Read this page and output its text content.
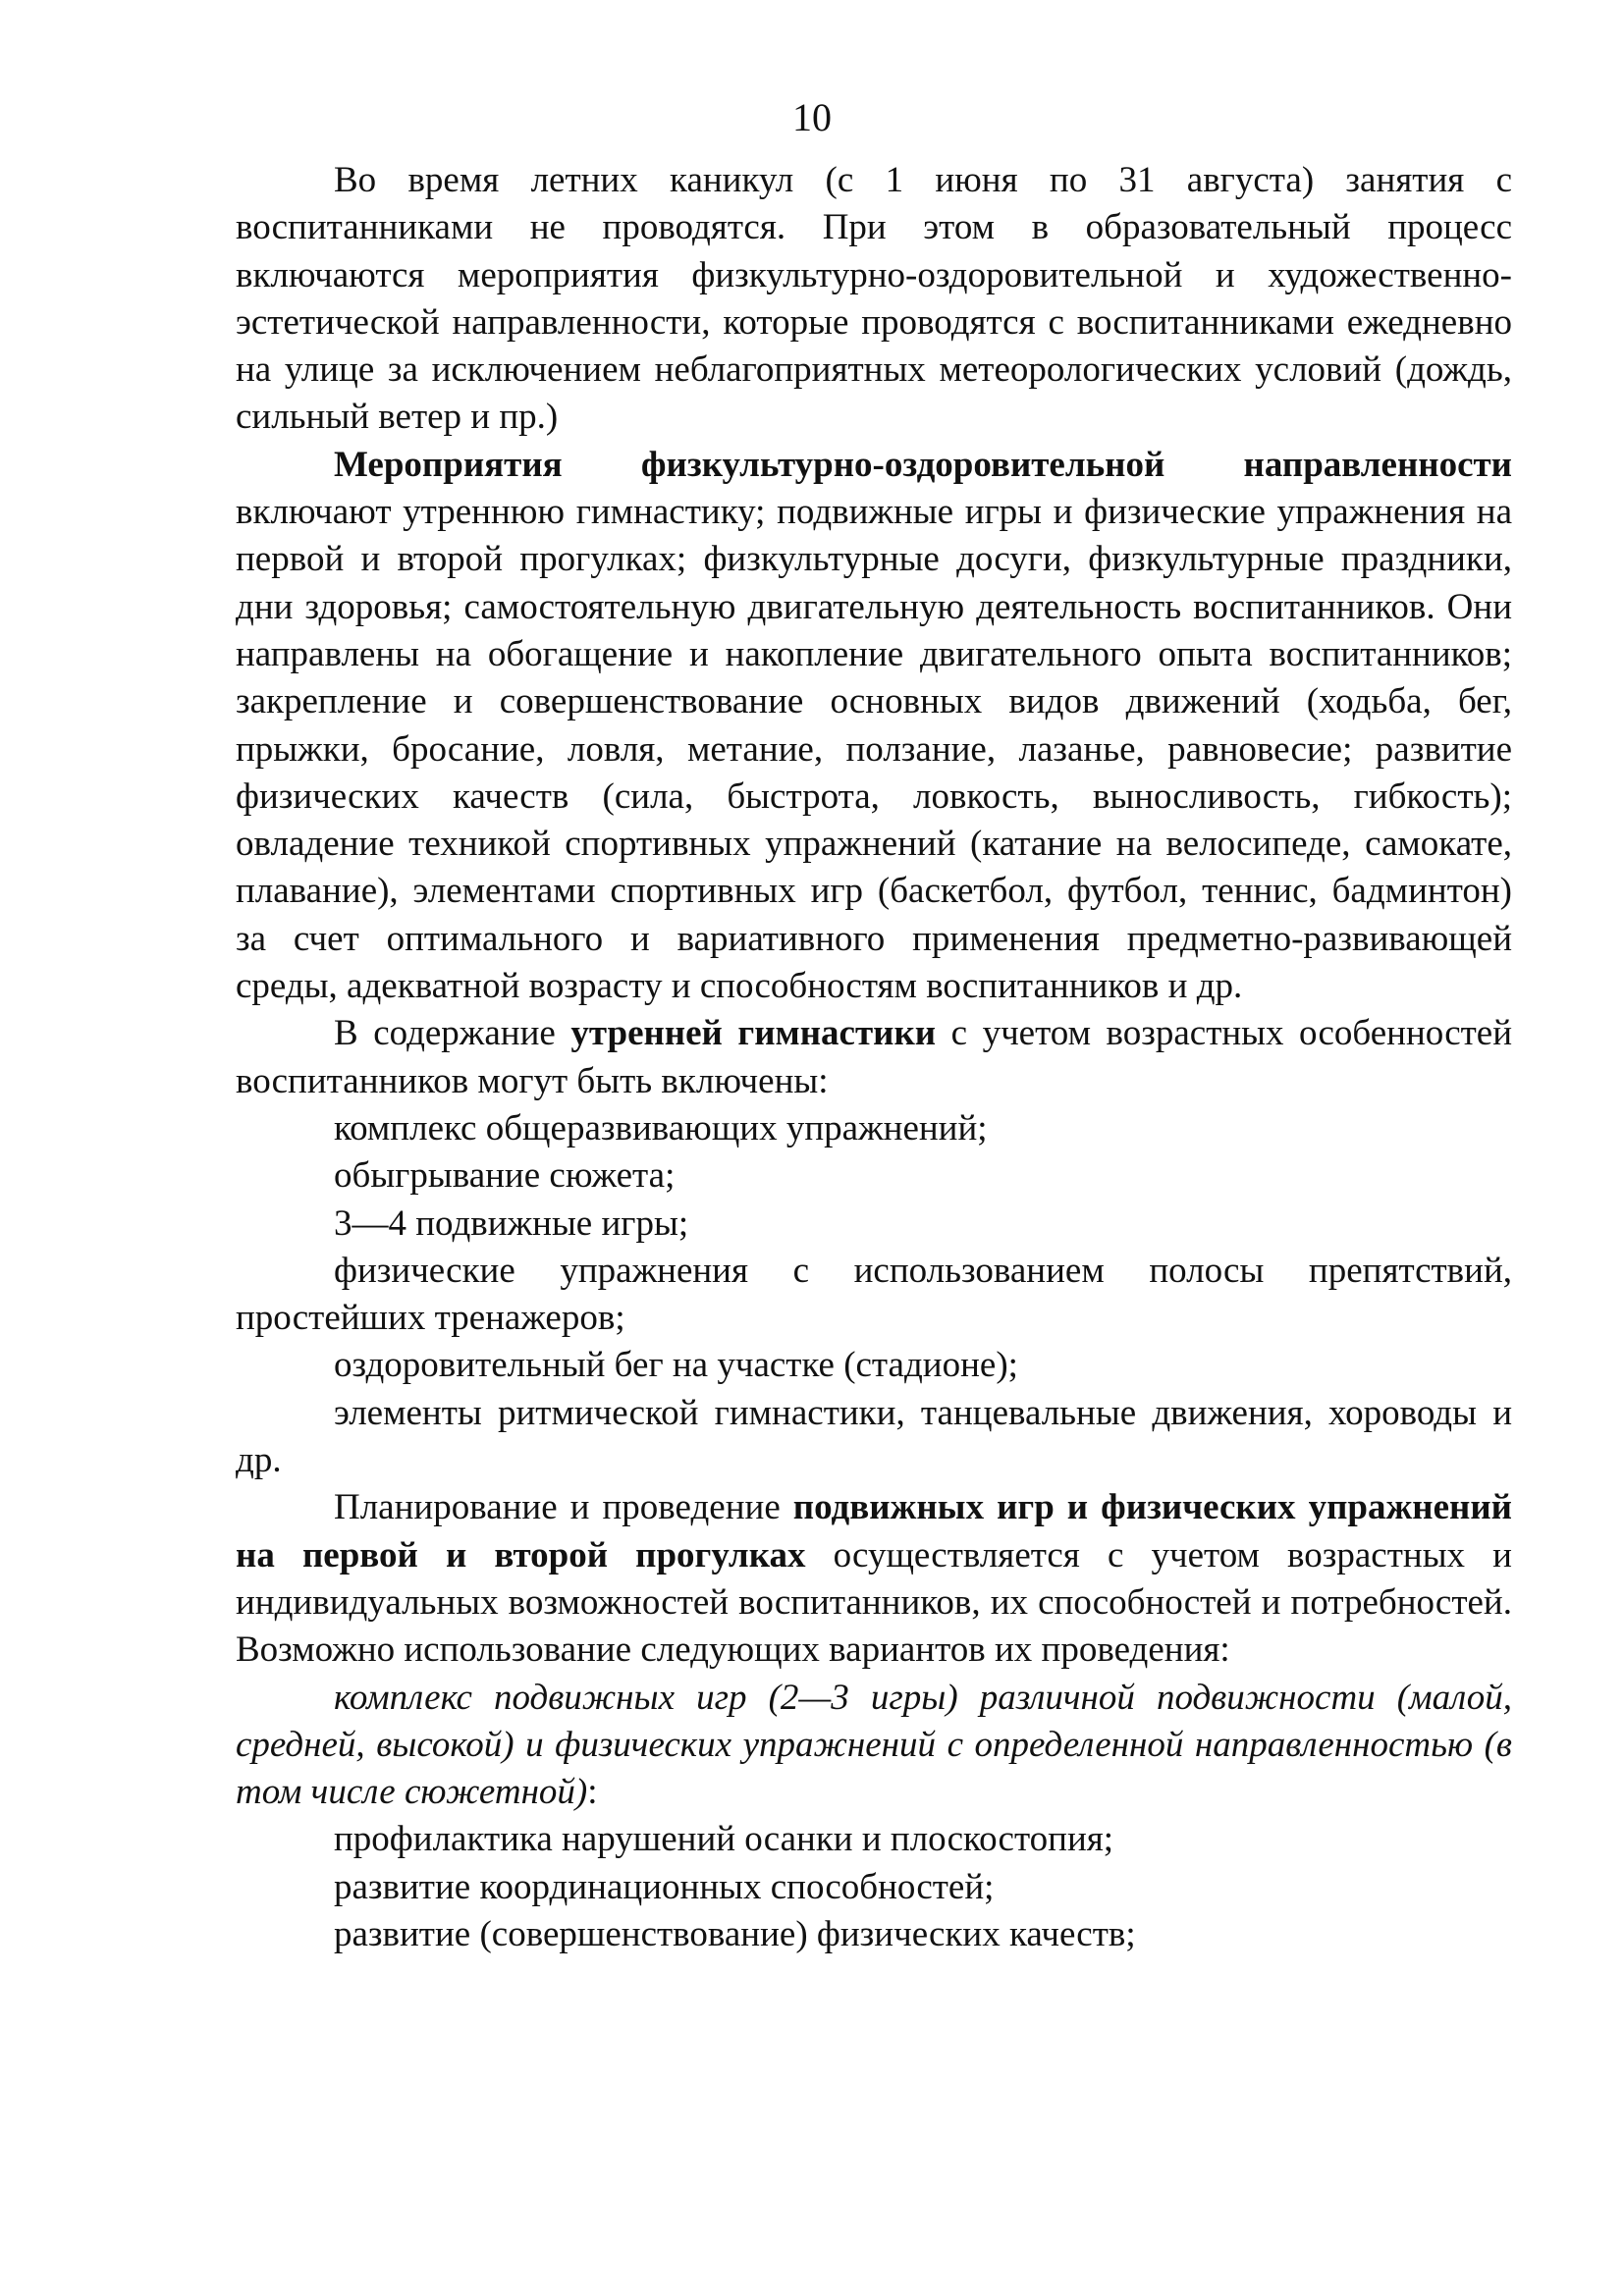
10

Во время летних каникул (с 1 июня по 31 августа) занятия с воспитанниками не проводятся. При этом в образовательный процесс включаются мероприятия физкультурно-оздоровительной и художественно-эстетической направленности, которые проводятся с воспитанниками ежедневно на улице за исключением неблагоприятных метеорологических условий (дождь, сильный ветер и пр.)

Мероприятия физкультурно-оздоровительной направленности включают утреннюю гимнастику; подвижные игры и физические упражнения на первой и второй прогулках; физкультурные досуги, физкультурные праздники, дни здоровья; самостоятельную двигательную деятельность воспитанников. Они направлены на обогащение и накопление двигательного опыта воспитанников; закрепление и совершенствование основных видов движений (ходьба, бег, прыжки, бросание, ловля, метание, ползание, лазанье, равновесие; развитие физических качеств (сила, быстрота, ловкость, выносливость, гибкость); овладение техникой спортивных упражнений (катание на велосипеде, самокате, плавание), элементами спортивных игр (баскетбол, футбол, теннис, бадминтон) за счет оптимального и вариативного применения предметно-развивающей среды, адекватной возрасту и способностям воспитанников и др.

В содержание утренней гимнастики с учетом возрастных особенностей воспитанников могут быть включены:

комплекс общеразвивающих упражнений;

обыгрывание сюжета;

3—4 подвижные игры;

физические упражнения с использованием полосы препятствий, простейших тренажеров;

оздоровительный бег на участке (стадионе);

элементы ритмической гимнастики, танцевальные движения, хороводы и др.

Планирование и проведение подвижных игр и физических упражнений на первой и второй прогулках осуществляется с учетом возрастных и индивидуальных возможностей воспитанников, их способностей и потребностей. Возможно использование следующих вариантов их проведения:

комплекс подвижных игр (2—3 игры) различной подвижности (малой, средней, высокой) и физических упражнений с определенной направленностью (в том числе сюжетной):

профилактика нарушений осанки и плоскостопия;

развитие координационных способностей;

развитие (совершенствование) физических качеств;
